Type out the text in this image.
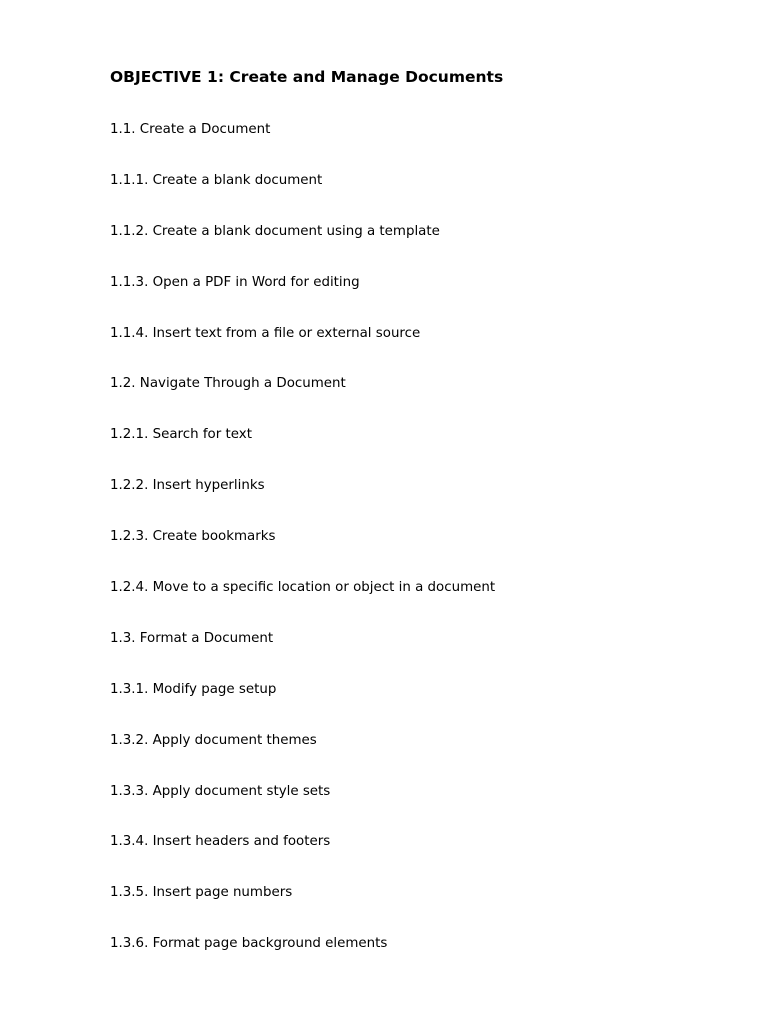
OBJECTIVE 1: Create and Manage Documents
1.1. Create a Document
1.1.1. Create a blank document
1.1.2. Create a blank document using a template
1.1.3. Open a PDF in Word for editing
1.1.4. Insert text from a file or external source
1.2. Navigate Through a Document
1.2.1. Search for text
1.2.2. Insert hyperlinks
1.2.3. Create bookmarks
1.2.4. Move to a specific location or object in a document
1.3. Format a Document
1.3.1. Modify page setup
1.3.2. Apply document themes
1.3.3. Apply document style sets
1.3.4. Insert headers and footers
1.3.5. Insert page numbers
1.3.6. Format page background elements
